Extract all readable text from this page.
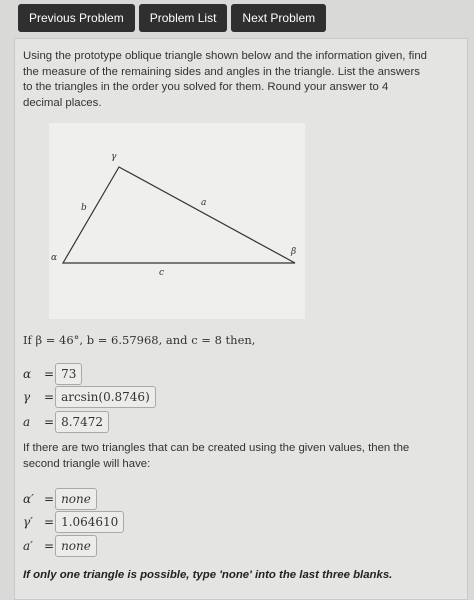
Previous Problem	Problem List	Next Problem
Using the prototype oblique triangle shown below and the information given, find the measure of the remaining sides and angles in the triangle. List the answers to the triangles in the order you solved for them. Round your answer to 4 decimal places.
γ
b	a
α
β
c
If β = 46°, b = 6.57968, and c = 8 then,
α	= 73
γ	= arcsin(0.8746)
a	= 8.7472
If there are two triangles that can be created using the given values, then the second triangle will have:
α′ = none
γ′ = 1.064610
a′ = none
If only one triangle is possible, type 'none' into the last three blanks.
